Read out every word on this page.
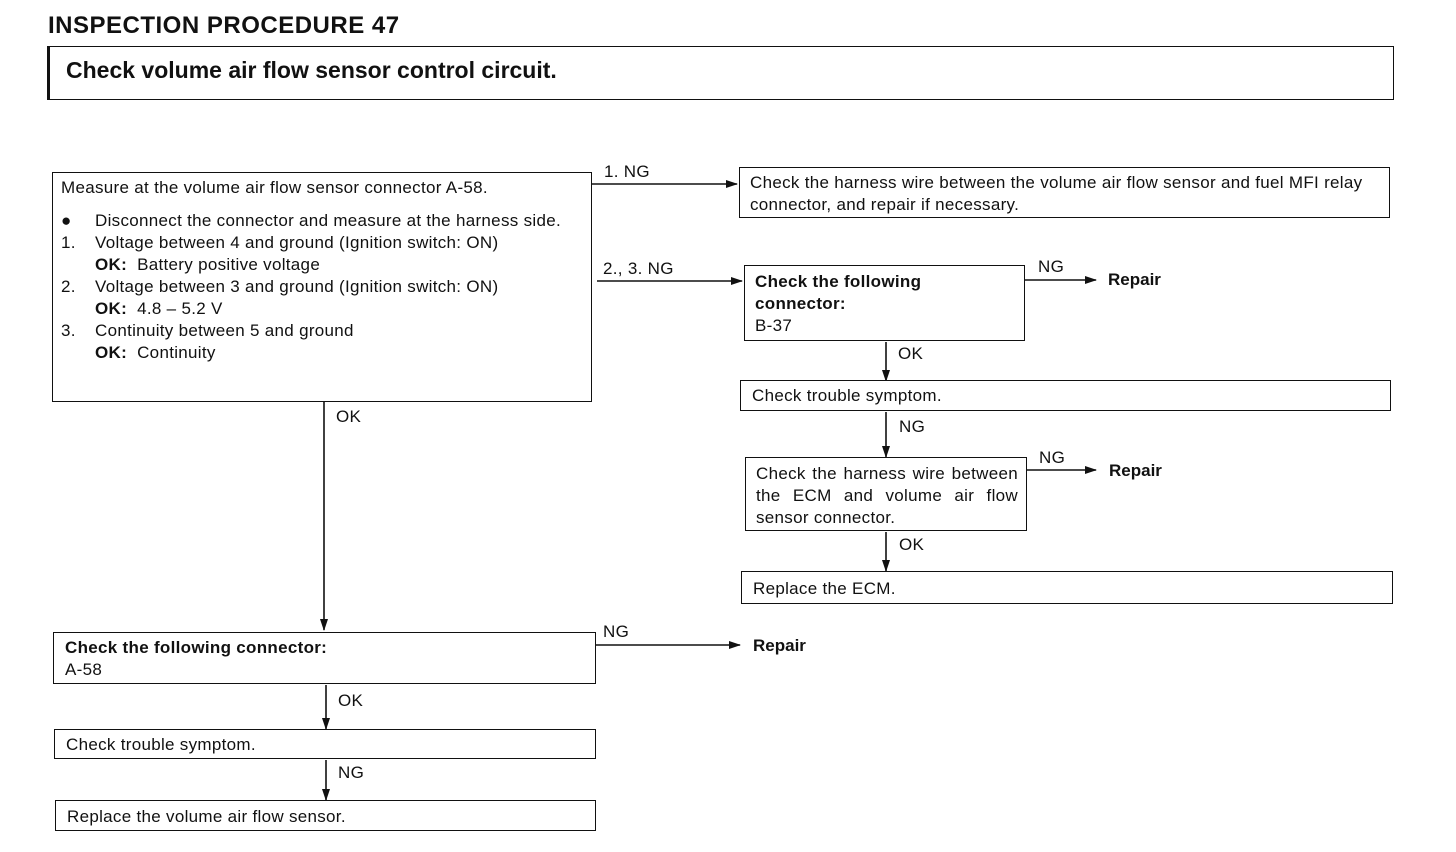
INSPECTION PROCEDURE 47
Check volume air flow sensor control circuit.
Measure at the volume air flow sensor connector A-58.
●	Disconnect the connector and measure at the harness side.
1.	Voltage between 4 and ground (Ignition switch: ON)
OK: Battery positive voltage
2.	Voltage between 3 and ground (Ignition switch: ON)
OK: 4.8 – 5.2 V
3.	Continuity between 5 and ground
OK: Continuity
1. NG
2., 3. NG
Check the harness wire between the volume air flow sensor and fuel MFI relay connector, and repair if necessary.
Check the following connector:
B-37
NG
Repair
OK
Check trouble symptom.
NG
Check the harness wire between the ECM and volume air flow sensor connector.
NG
Repair
OK
Replace the ECM.
OK
Check the following connector:
A-58
NG
Repair
OK
Check trouble symptom.
NG
Replace the volume air flow sensor.
